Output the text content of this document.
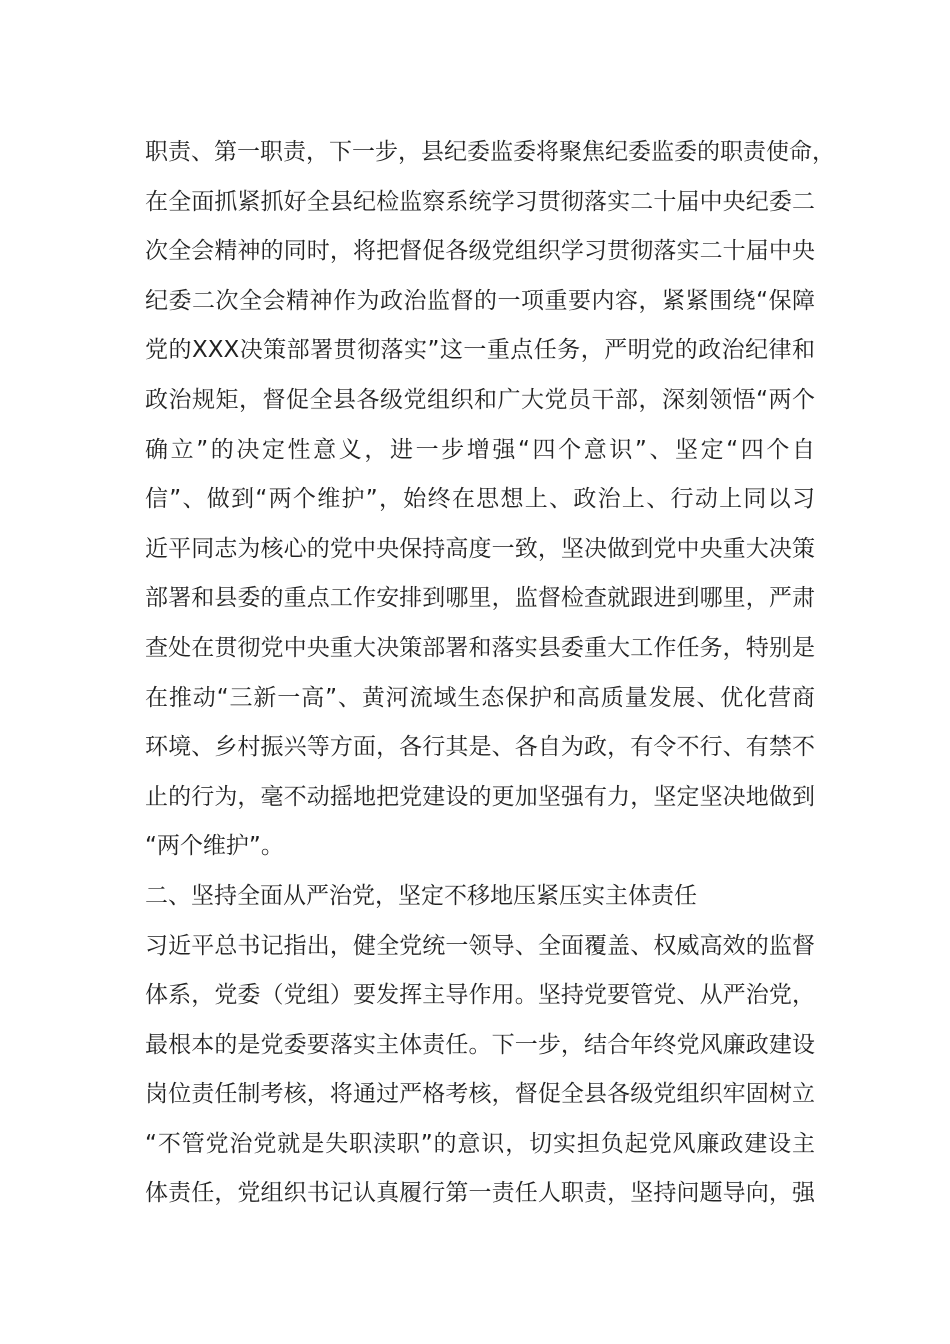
职责、第一职责，下一步，县纪委监委将聚焦纪委监委的职责使命，
在全面抓紧抓好全县纪检监察系统学习贯彻落实二十届中央纪委二
次全会精神的同时，将把督促各级党组织学习贯彻落实二十届中央
纪委二次全会精神作为政治监督的一项重要内容，紧紧围绕“保障
党的XXX决策部署贯彻落实”这一重点任务，严明党的政治纪律和
政治规矩，督促全县各级党组织和广大党员干部，深刻领悟“两个
确立”的决定性意义，进一步增强“四个意识”、坚定“四个自
信”、做到“两个维护”，始终在思想上、政治上、行动上同以习
近平同志为核心的党中央保持高度一致，坚决做到党中央重大决策
部署和县委的重点工作安排到哪里，监督检查就跟进到哪里，严肃
查处在贯彻党中央重大决策部署和落实县委重大工作任务，特别是
在推动“三新一高”、黄河流域生态保护和高质量发展、优化营商
环境、乡村振兴等方面，各行其是、各自为政，有令不行、有禁不
止的行为，毫不动摇地把党建设的更加坚强有力，坚定坚决地做到
“两个维护”。
二、坚持全面从严治党，坚定不移地压紧压实主体责任
习近平总书记指出，健全党统一领导、全面覆盖、权威高效的监督
体系，党委（党组）要发挥主导作用。坚持党要管党、从严治党，
最根本的是党委要落实主体责任。下一步，结合年终党风廉政建设
岗位责任制考核，将通过严格考核，督促全县各级党组织牢固树立
“不管党治党就是失职渎职”的意识，切实担负起党风廉政建设主
体责任，党组织书记认真履行第一责任人职责，坚持问题导向，强
